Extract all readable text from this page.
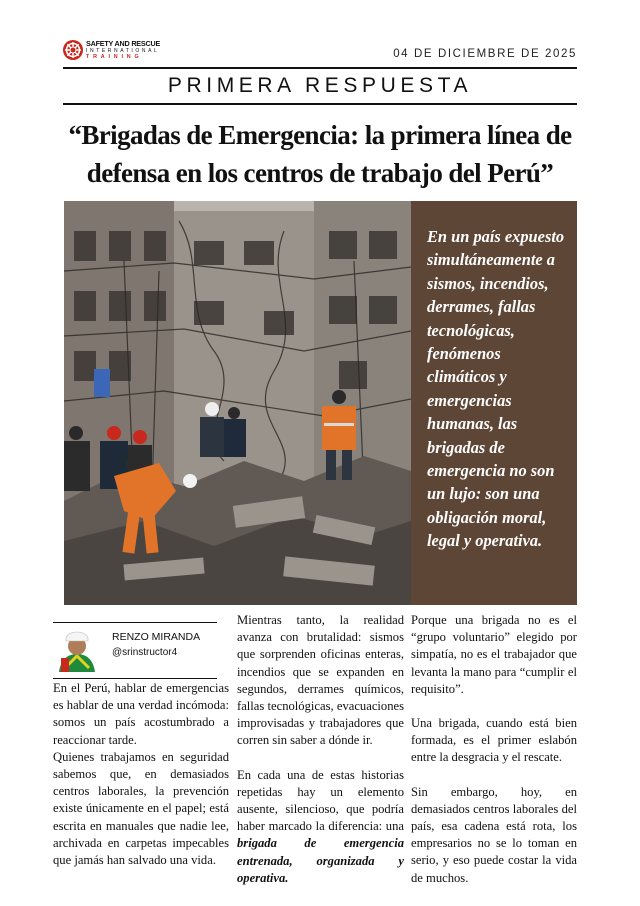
SAFETY AND RESCUE
INTERNATIONAL
TRAINING	04 DE DICIEMBRE DE 2025
PRIMERA RESPUESTA
“Brigadas de Emergencia: la primera línea de defensa en los centros de trabajo del Perú”

En un país expuesto simultáneamente a sismos, incendios, derrames, fallas tecnológicas, fenómenos climáticos y emergencias humanas, las brigadas de emergencia no son un lujo: son una obligación moral, legal y operativa.

RENZO MIRANDA
@srinstructor4

En el Perú, hablar de emergencias es hablar de una verdad incómoda: somos un país acostumbrado a reaccionar tarde.

Quienes trabajamos en seguridad sabemos que, en demasiados centros laborales, la prevención existe únicamente en el papel; está escrita en manuales que nadie lee, archivada en carpetas impecables que jamás han salvado una vida.

Mientras tanto, la realidad avanza con brutalidad: sismos que sorprenden oficinas enteras, incendios que se expanden en segundos, derrames químicos, fallas tecnológicas, evacuaciones improvisadas y trabajadores que corren sin saber a dónde ir.

En cada una de estas historias repetidas hay un elemento ausente, silencioso, que podría haber marcado la diferencia: una brigada de emergencia entrenada, organizada y operativa.

Porque una brigada no es el “grupo voluntario” elegido por simpatía, no es el trabajador que levanta la mano para “cumplir el requisito”.

Una brigada, cuando está bien formada, es el primer eslabón entre la desgracia y el rescate.

Sin embargo, hoy, en demasiados centros laborales del país, esa cadena está rota, los empresarios no se lo toman en serio, y eso puede costar la vida de muchos.
